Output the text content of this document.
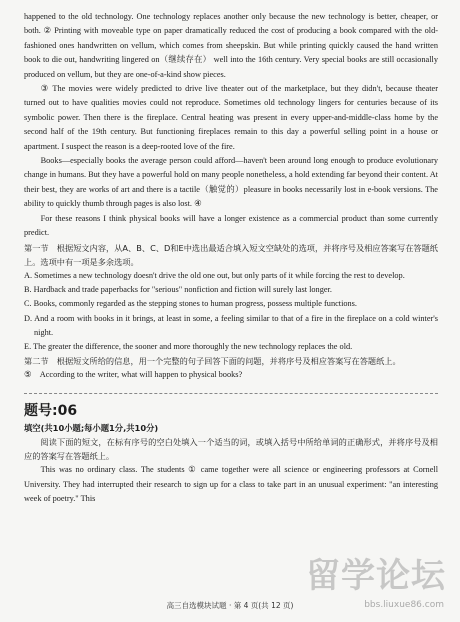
happened to the old technology. One technology replaces another only because the new technology is better, cheaper, or both. ② Printing with moveable type on paper dramatically reduced the cost of producing a book compared with the old-fashioned ones handwritten on vellum, which comes from sheepskin. But while printing quickly caused the hand written book to die out, handwriting lingered on（继续存在） well into the 16th century. Very special books are still occasionally produced on vellum, but they are one-of-a-kind show pieces.

③ The movies were widely predicted to drive live theater out of the marketplace, but they didn't, because theater turned out to have qualities movies could not reproduce. Sometimes old technology lingers for centuries because of its symbolic power. Then there is the fireplace. Central heating was present in every upper-and-middle-class home by the second half of the 19th century. But functioning fireplaces remain to this day a powerful selling point in a house or apartment. I suspect the reason is a deep-rooted love of the fire.

Books—especially books the average person could afford—haven't been around long enough to produce evolutionary change in humans. But they have a powerful hold on many people nonetheless, a hold extending far beyond their content. At their best, they are works of art and there is a tactile（触觉的）pleasure in books necessarily lost in e-book versions. The ability to quickly thumb through pages is also lost. ④

For these reasons I think physical books will have a longer existence as a commercial product than some currently predict.

第一节　根据短文内容，从A、B、C、D和E中选出最适合填入短文空缺处的选项，并将序号及相应答案写在答题纸上。选项中有一项是多余选项。

A. Sometimes a new technology doesn't drive the old one out, but only parts of it while forcing the rest to develop.

B. Hardback and trade paperbacks for "serious" nonfiction and fiction will surely last longer.

C. Books, commonly regarded as the stepping stones to human progress, possess multiple functions.

D. And a room with books in it brings, at least in some, a feeling similar to that of a fire in the fireplace on a cold winter's night.

E. The greater the difference, the sooner and more thoroughly the new technology replaces the old.

第二节　根据短文所给的信息，用一个完整的句子回答下面的问题，并将序号及相应答案写在答题纸上。

⑤　According to the writer, what will happen to physical books?

题号:06
填空(共10小题;每小题1分,共10分)

阅读下面的短文，在标有序号的空白处填入一个适当的词，或填入括号中所给单词的正确形式，并将序号及相应的答案写在答题纸上。

This was no ordinary class. The students ① came together were all science or engineering professors at Cornell University. They had interrupted their research to sign up for a class to take part in an unusual experiment: "an interesting week of poetry." This

留学论坛
bbs.liuxue86.com
高三自选模块试题 · 第 4 页(共 12 页)
